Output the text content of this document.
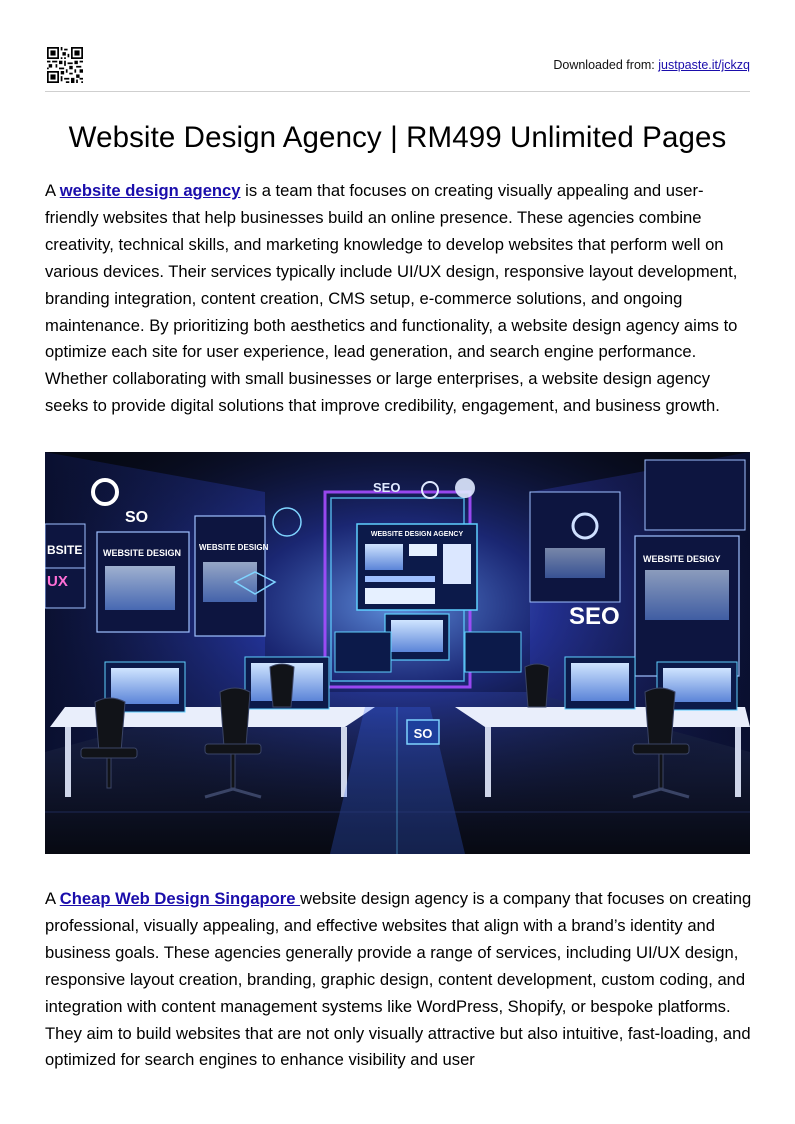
Downloaded from: justpaste.it/jckzq
Website Design Agency | RM499 Unlimited Pages

A website design agency is a team that focuses on creating visually appealing and user-friendly websites that help businesses build an online presence. These agencies combine creativity, technical skills, and marketing knowledge to develop websites that perform well on various devices. Their services typically include UI/UX design, responsive layout development, branding integration, content creation, CMS setup, e-commerce solutions, and ongoing maintenance. By prioritizing both aesthetics and functionality, a website design agency aims to optimize each site for user experience, lead generation, and search engine performance. Whether collaborating with small businesses or large enterprises, a website design agency seeks to provide digital solutions that improve credibility, engagement, and business growth.

WEBSITE DESIGN AGENCY
SEO
BSITE
UX
WEBSITE DESIGN
WEBSITE DESIGN
SO
WEBSITE DESIGY
SEO
SO

A Cheap Web Design Singapore website design agency is a company that focuses on creating professional, visually appealing, and effective websites that align with a brand’s identity and business goals. These agencies generally provide a range of services, including UI/UX design, responsive layout creation, branding, graphic design, content development, custom coding, and integration with content management systems like WordPress, Shopify, or bespoke platforms. They aim to build websites that are not only visually attractive but also intuitive, fast-loading, and optimized for search engines to enhance visibility and user
